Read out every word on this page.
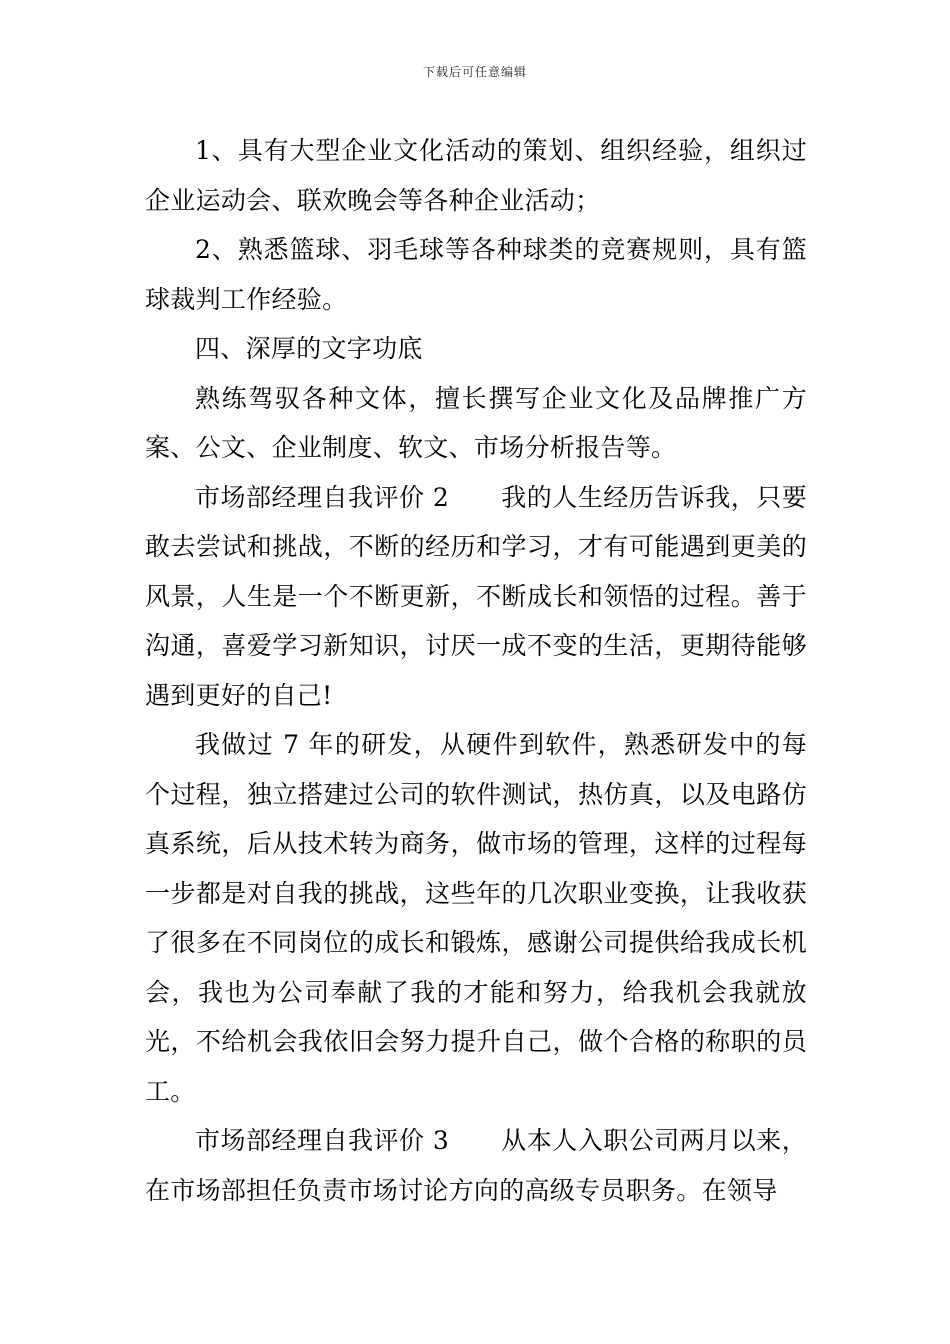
下载后可任意编辑

1、具有大型企业文化活动的策划、组织经验，组织过企业运动会、联欢晚会等各种企业活动；

2、熟悉篮球、羽毛球等各种球类的竞赛规则，具有篮球裁判工作经验。

四、深厚的文字功底

熟练驾驭各种文体，擅长撰写企业文化及品牌推广方案、公文、企业制度、软文、市场分析报告等。

市场部经理自我评价 2 我的人生经历告诉我，只要敢去尝试和挑战，不断的经历和学习，才有可能遇到更美的风景，人生是一个不断更新，不断成长和领悟的过程。善于沟通，喜爱学习新知识，讨厌一成不变的生活，更期待能够遇到更好的自己!

我做过 7 年的研发，从硬件到软件，熟悉研发中的每个过程，独立搭建过公司的软件测试，热仿真，以及电路仿真系统，后从技术转为商务，做市场的管理，这样的过程每一步都是对自我的挑战，这些年的几次职业变换，让我收获了很多在不同岗位的成长和锻炼，感谢公司提供给我成长机会，我也为公司奉献了我的才能和努力，给我机会我就放光，不给机会我依旧会努力提升自己，做个合格的称职的员工。

市场部经理自我评价 3 从本人入职公司两月以来，在市场部担任负责市场讨论方向的高级专员职务。在领导
